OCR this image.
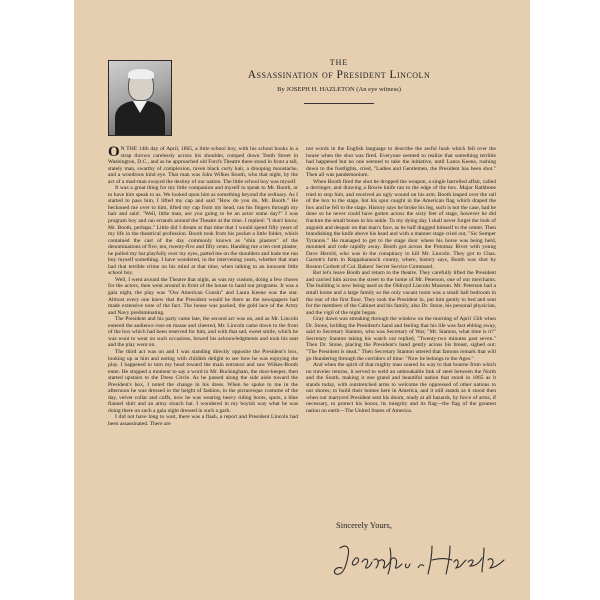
THE
Assassination of President Lincoln
By JOSEPH H. HAZLETON (An eye witness)

O N THE 14th day of April, 1865, a little school boy, with his school books in a strap thrown carelessly across his shoulder, romped down Tenth Street in Washington, D.C., and as he approached old Ford's Theatre there stood in front a tall, stately man, swarthy of complexion, raven black curly hair, a drooping moustache, and a wondrous kind eye. That man was John Wilkes Booth, who that night, by the act of a mad-man swayed the destiny of our nation. The little school boy was myself.

It was a great thing for my little companion and myself to speak to Mr. Booth, or to have him speak to us. We looked upon him as something beyond the ordinary. As I started to pass him, I lifted my cap and said "How do you do, Mr. Booth." He beckoned me over to him, lifted my cap from my head, ran his fingers through my hair and said: "Well, little man, are you going to be an actor some day?" I was program boy and ran errands around the Theatre at the time. I replied: "I don't know, Mr. Booth, perhaps." Little did I dream at that time that I would spend fifty years of my life in the theatrical profession. Booth took from his pocket a little folder, which contained the cast of the day commonly known as "shin plasters" of the denominations of five, ten, twenty-five and fifty cents. Handing me a ten cent plaster, he pulled my hat playfully over my eyes, patted me on the shoulders and bade me run buy myself something. I have wondered, in the intervening years, whether that man had that terrible crime on his mind at that time, when talking to an innocent little school boy.

Well, I went around the Theatre that night, as was my custom, doing a few chores for the actors, then went around in front of the house to hand out programs. It was a gala night, the play was "Our American Cousin" and Laura Keene was the star. Almost every one knew that the President would be there as the newspapers had made extensive note of the fact. The house was packed, the gold lace of the Army and Navy predominating.

The President and his party came late, the second act was on, and as Mr. Lincoln entered the audience rose en masse and cheered, Mr. Lincoln came down to the front of the box which had been reserved for him, and with that sad, sweet smile, which he was wont to wear on such occasions, bowed his acknowledgments and took his seat and the play went on.

The third act was on and I was standing directly opposite the President's box, looking up at him and noting with childish delight to see how he was enjoying the play. I happened to turn my head toward the main entrance and saw Wilkes-Booth enter. He stopped a moment to say a word to Mr. Buckingham, the door-keeper, then started upstairs to the Dress Circle. As he passed along the side aisle toward the President's box, I noted the change in his dress. When he spoke to me in the afternoon he was dressed in the height of fashion, in the picturesque costume of the day, velvet collar and cuffs, now he was wearing heavy riding boots, spurs, a blue flannel shirt and an army slouch hat. I wondered in my boyish way what he was doing there on such a gala night dressed in such a garb.

I did not have long to wait, there was a flash, a report and President Lincoln had been assassinated. There are

not words in the English language to describe the awful hush which fell over the house when the shot was fired. Everyone seemed to realize that something terrible had happened but no one seemed to take the initiative, until Laura Keene, rushing down to the footlights, cried, "Ladies and Gentlemen, the President has been shot." Then all was pandemonium.

When Booth fired the shot he dropped the weapon, a single barrelled affair, called a derringer, and drawing a Bowie knife ran to the edge of the box. Major Rathbone tried to stop him, and received an ugly wound on his arm. Booth leaped over the rail of the box to the stage, but his spur caught in the American flag which draped the box and he fell to the stage. History says he broke his leg, such is not the case, had he done so he never could have gotten across the sixty feet of stage, however he did fracture the small bones in his ankle. To my dying day I shall never forget the look of anguish and despair on that man's face, as he half dragged himself to the center. Then brandishing the knife above his head and with a manner stage cried out, "Sic Semper Tyrannis." He managed to get to the stage door where his horse was being held, mounted and rode rapidly away. Booth got across the Potomac River with young Dave Herold, who was in the conspiracy to kill Mr. Lincoln. They got to Chas. Garrett's farm in Rappahannock county, where, history says, Booth was shot by Boston Corbett of Col. Bakers' Secret Service Command.

But let's leave Booth and return to the theatre. They carefully lifted the President and carried him across the street to the home of Mr. Peterson, one of our merchants. The building is now being used as the Oldroyd Lincoln Museum. Mr. Peterson had a small home and a large family so the only vacant room was a small hall bedroom in the rear of the first floor. They took the President in, put him gently to bed and sent for the members of the Cabinet and his family, also Dr. Stone, his personal physician, and the vigil of the night began.

Gray dawn was streaking through the window on the morning of April 15th when Dr. Stone, holding the President's hand and feeling that his life was fast ebbing away, said to Secretary Stanton, who was Secretary of War, "Mr. Stanton, what time is it?" Secretary Stanton taking his watch out replied, "Twenty-two minutes past seven." Then Dr. Stone, placing the President's hand gently across his breast, sighed out: "The President is dead." Then Secretary Stanton uttered that famous remark that will go thundering through the corridors of time: "Now he belongs to the Ages."

And when the spirit of that mighty man soared its way to that bourne from which no traveler returns, it served to weld an unbreakable link of steel between the North and the South, making it one grand and beautiful nation that stood in 1865 as it stands today, with outstretched arms to welcome the oppressed of other nations to our shores; to build their homes here in America, and it still stands as it stood then when our martyred President sent his doom, ready at all hazards, by force of arms, if necessary, to protect his honor, its integrity and its flag—the flag of the greatest nation on earth—The United States of America.

Sincerely Yours,
